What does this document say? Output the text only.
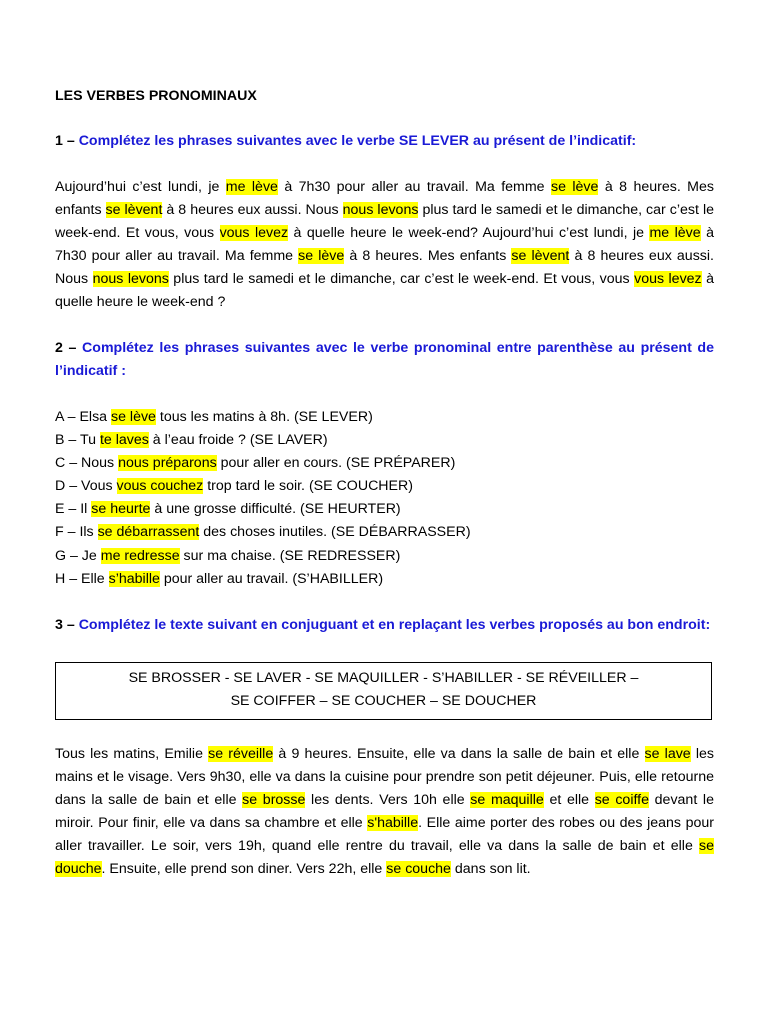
LES VERBES PRONOMINAUX
1 – Complétez les phrases suivantes avec le verbe SE LEVER au présent de l’indicatif:
Aujourd’hui c’est lundi, je me lève à 7h30 pour aller au travail. Ma femme se lève à 8 heures. Mes enfants se lèvent à 8 heures eux aussi. Nous nous levons plus tard le samedi et le dimanche, car c’est le week-end. Et vous, vous vous levez à quelle heure le week-end? Aujourd’hui c’est lundi, je me lève à 7h30 pour aller au travail. Ma femme se lève à 8 heures. Mes enfants se lèvent à 8 heures eux aussi. Nous nous levons plus tard le samedi et le dimanche, car c’est le week-end. Et vous, vous vous levez à quelle heure le week-end ?
2 – Complétez les phrases suivantes avec le verbe pronominal entre parenthèse au présent de l’indicatif :
A – Elsa se lève tous les matins à 8h. (SE LEVER)
B – Tu te laves à l’eau froide ? (SE LAVER)
C – Nous nous préparons pour aller en cours. (SE PRÉPARER)
D – Vous vous couchez trop tard le soir. (SE COUCHER)
E – Il se heurte à une grosse difficulté. (SE HEURTER)
F – Ils se débarrassent des choses inutiles. (SE DÉBARRASSER)
G – Je me redresse sur ma chaise. (SE REDRESSER)
H – Elle s’habille pour aller au travail. (S’HABILLER)
3 – Complétez le texte suivant en conjuguant et en replaçant les verbes proposés au bon endroit:
SE BROSSER - SE LAVER - SE MAQUILLER - S’HABILLER - SE RÉVEILLER –
SE COIFFER – SE COUCHER – SE DOUCHER
Tous les matins, Emilie se réveille à 9 heures. Ensuite, elle va dans la salle de bain et elle se lave les mains et le visage. Vers 9h30, elle va dans la cuisine pour prendre son petit déjeuner. Puis, elle retourne dans la salle de bain et elle se brosse les dents. Vers 10h elle se maquille et elle se coiffe devant le miroir. Pour finir, elle va dans sa chambre et elle s'habille. Elle aime porter des robes ou des jeans pour aller travailler. Le soir, vers 19h, quand elle rentre du travail, elle va dans la salle de bain et elle se douche. Ensuite, elle prend son diner. Vers 22h, elle se couche dans son lit.
